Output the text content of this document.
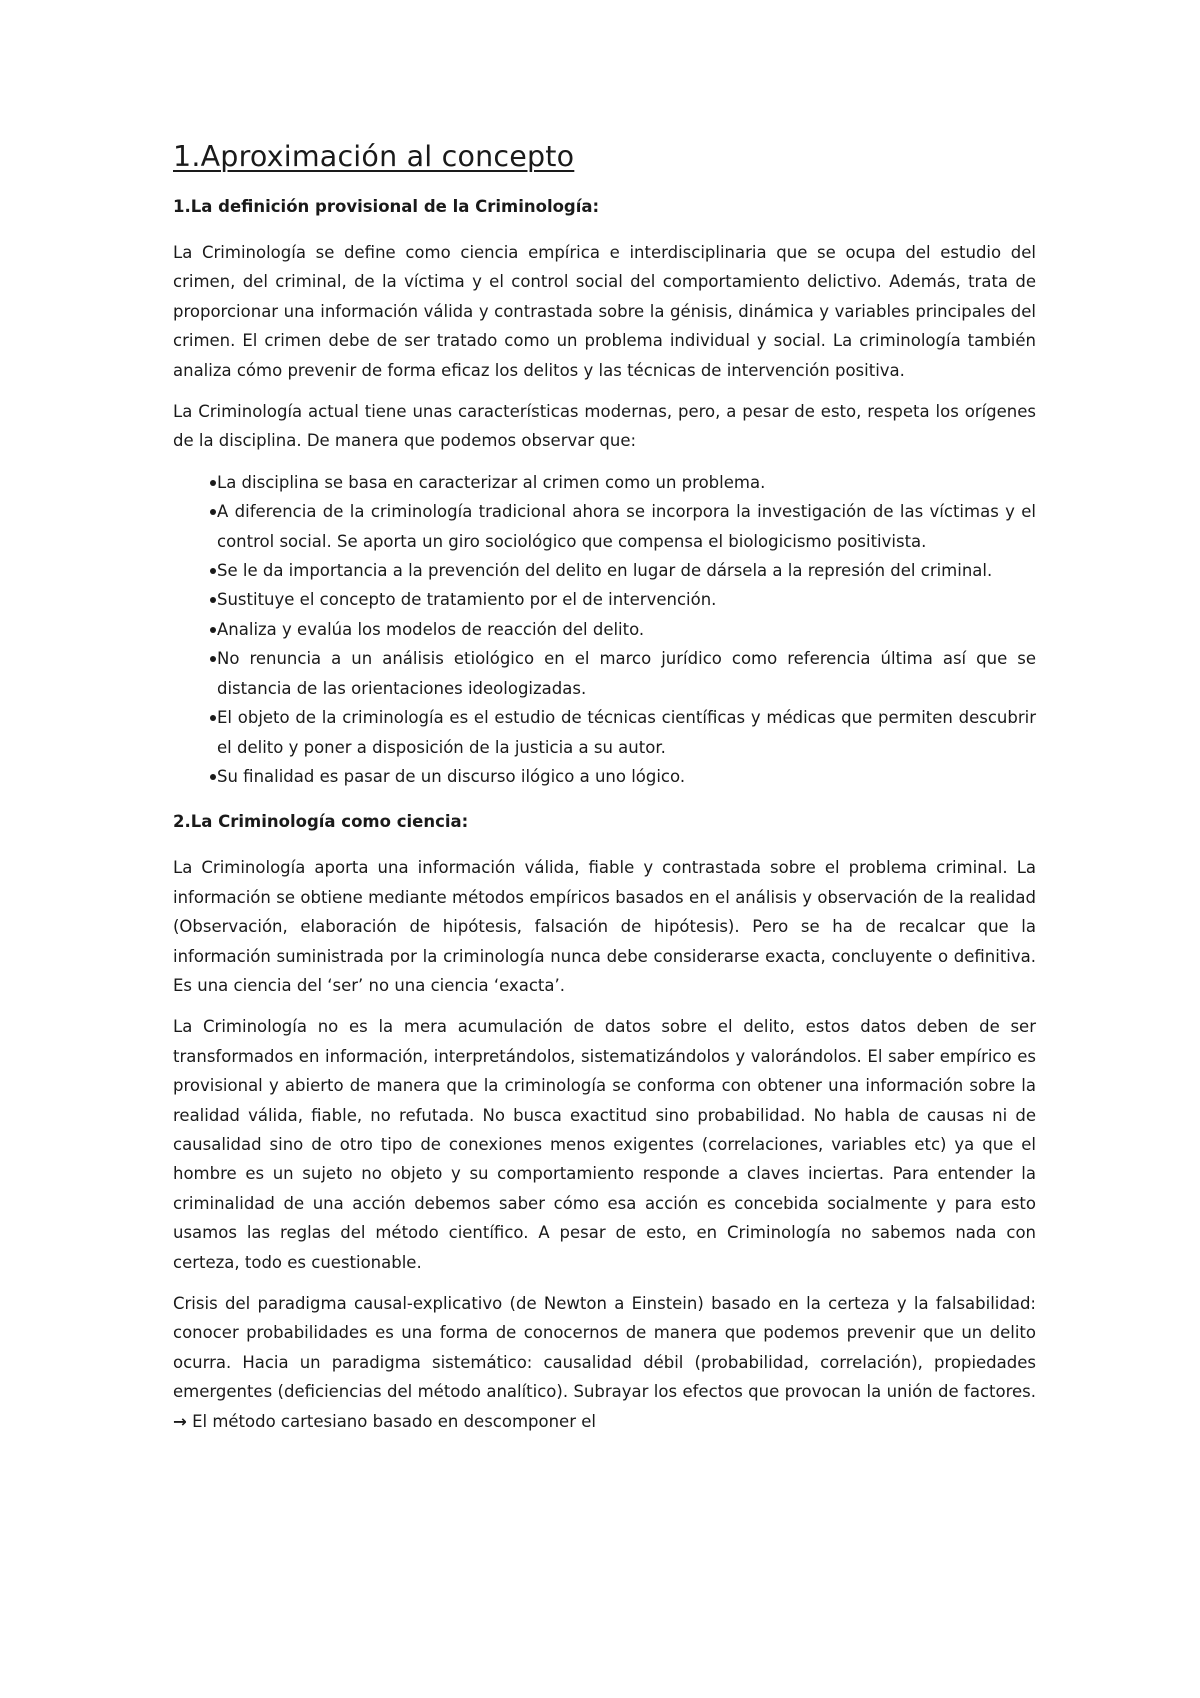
1.Aproximación al concepto
1.La definición provisional de la Criminología:

La Criminología se define como ciencia empírica e interdisciplinaria que se ocupa del estudio del crimen, del criminal, de la víctima y el control social del comportamiento delictivo. Además, trata de proporcionar una información válida y contrastada sobre la génisis, dinámica y variables principales del crimen. El crimen debe de ser tratado como un problema individual y social. La criminología también analiza cómo prevenir de forma eficaz los delitos y las técnicas de intervención positiva.

La Criminología actual tiene unas características modernas, pero, a pesar de esto, respeta los orígenes de la disciplina. De manera que podemos observar que:

La disciplina se basa en caracterizar al crimen como un problema.
A diferencia de la criminología tradicional ahora se incorpora la investigación de las víctimas y el control social. Se aporta un giro sociológico que compensa el biologicismo positivista.
Se le da importancia a la prevención del delito en lugar de dársela a la represión del criminal.
Sustituye el concepto de tratamiento por el de intervención.
Analiza y evalúa los modelos de reacción del delito.
No renuncia a un análisis etiológico en el marco jurídico como referencia última así que se distancia de las orientaciones ideologizadas.
El objeto de la criminología es el estudio de técnicas científicas y médicas que permiten descubrir el delito y poner a disposición de la justicia a su autor.
Su finalidad es pasar de un discurso ilógico a uno lógico.
2.La Criminología como ciencia:

La Criminología aporta una información válida, fiable y contrastada sobre el problema criminal. La información se obtiene mediante métodos empíricos basados en el análisis y observación de la realidad (Observación, elaboración de hipótesis, falsación de hipótesis). Pero se ha de recalcar que la información suministrada por la criminología nunca debe considerarse exacta, concluyente o definitiva. Es una ciencia del ‘ser’ no una ciencia ‘exacta’.

La Criminología no es la mera acumulación de datos sobre el delito, estos datos deben de ser transformados en información, interpretándolos, sistematizándolos y valorándolos. El saber empírico es provisional y abierto de manera que la criminología se conforma con obtener una información sobre la realidad válida, fiable, no refutada. No busca exactitud sino probabilidad. No habla de causas ni de causalidad sino de otro tipo de conexiones menos exigentes (correlaciones, variables etc) ya que el hombre es un sujeto no objeto y su comportamiento responde a claves inciertas. Para entender la criminalidad de una acción debemos saber cómo esa acción es concebida socialmente y para esto usamos las reglas del método científico. A pesar de esto, en Criminología no sabemos nada con certeza, todo es cuestionable.

Crisis del paradigma causal-explicativo (de Newton a Einstein) basado en la certeza y la falsabilidad: conocer probabilidades es una forma de conocernos de manera que podemos prevenir que un delito ocurra. Hacia un paradigma sistemático: causalidad débil (probabilidad, correlación), propiedades emergentes (deficiencias del método analítico). Subrayar los efectos que provocan la unión de factores. → El método cartesiano basado en descomponer el
